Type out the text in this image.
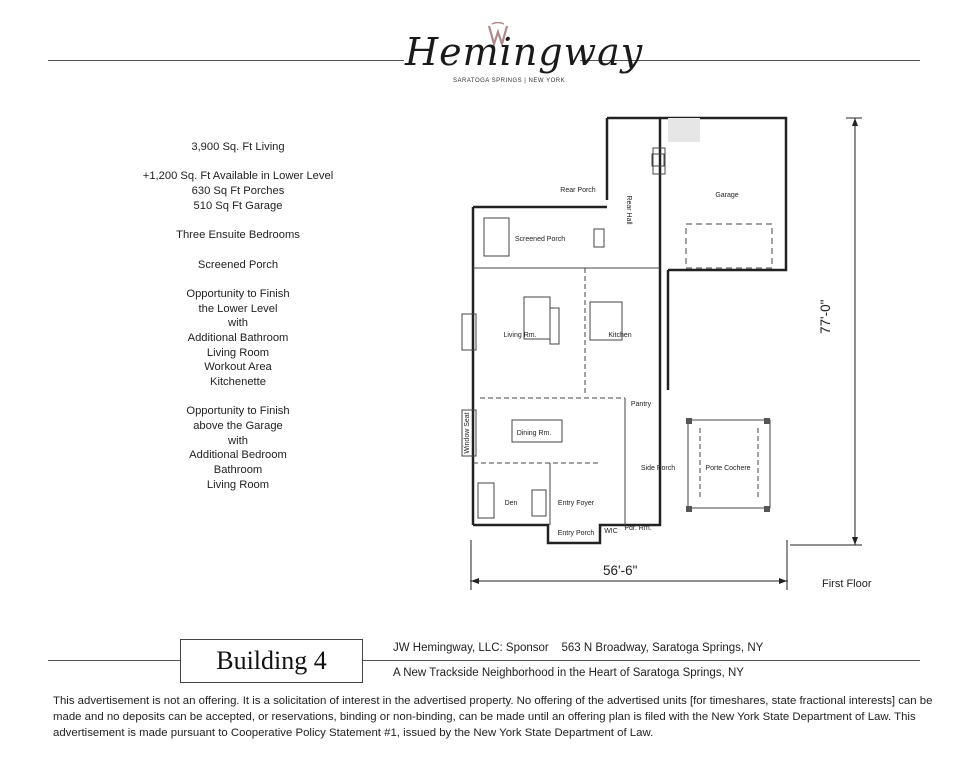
Hemingway
SARATOGA SPRINGS | NEW YORK
3,900 Sq. Ft Living
+1,200 Sq. Ft Available in Lower Level
630 Sq Ft Porches
510 Sq Ft Garage
Three Ensuite Bedrooms
Screened Porch
Opportunity to Finish
the Lower Level
with
Additional Bathroom
Living Room
Workout Area
Kitchenette
Opportunity to Finish
above the Garage
with
Additional Bedroom
Bathroom
Living Room
Rear Porch
Rear Hall	Garage
Screened Porch
Living Rm.	Kitchen
Pantry
Window Seat	Dining Rm.
Side Porch	Porte Cochere
Den	Entry Foyer
WIC Pdr. Rm.
Entry Porch
56'-6"
77'-0"
First Floor
Building 4	JW Hemingway, LLC: Sponsor    563 N Broadway, Saratoga Springs, NY
A New Trackside Neighborhood in the Heart of Saratoga Springs, NY
This advertisement is not an offering. It is a solicitation of interest in the advertised property. No offering of the advertised units [for timeshares, state fractional interests] can be made and no deposits can be accepted, or reservations, binding or non-binding, can be made until an offering plan is filed with the New York State Department of Law. This advertisement is made pursuant to Cooperative Policy Statement #1, issued by the New York State Department of Law.
